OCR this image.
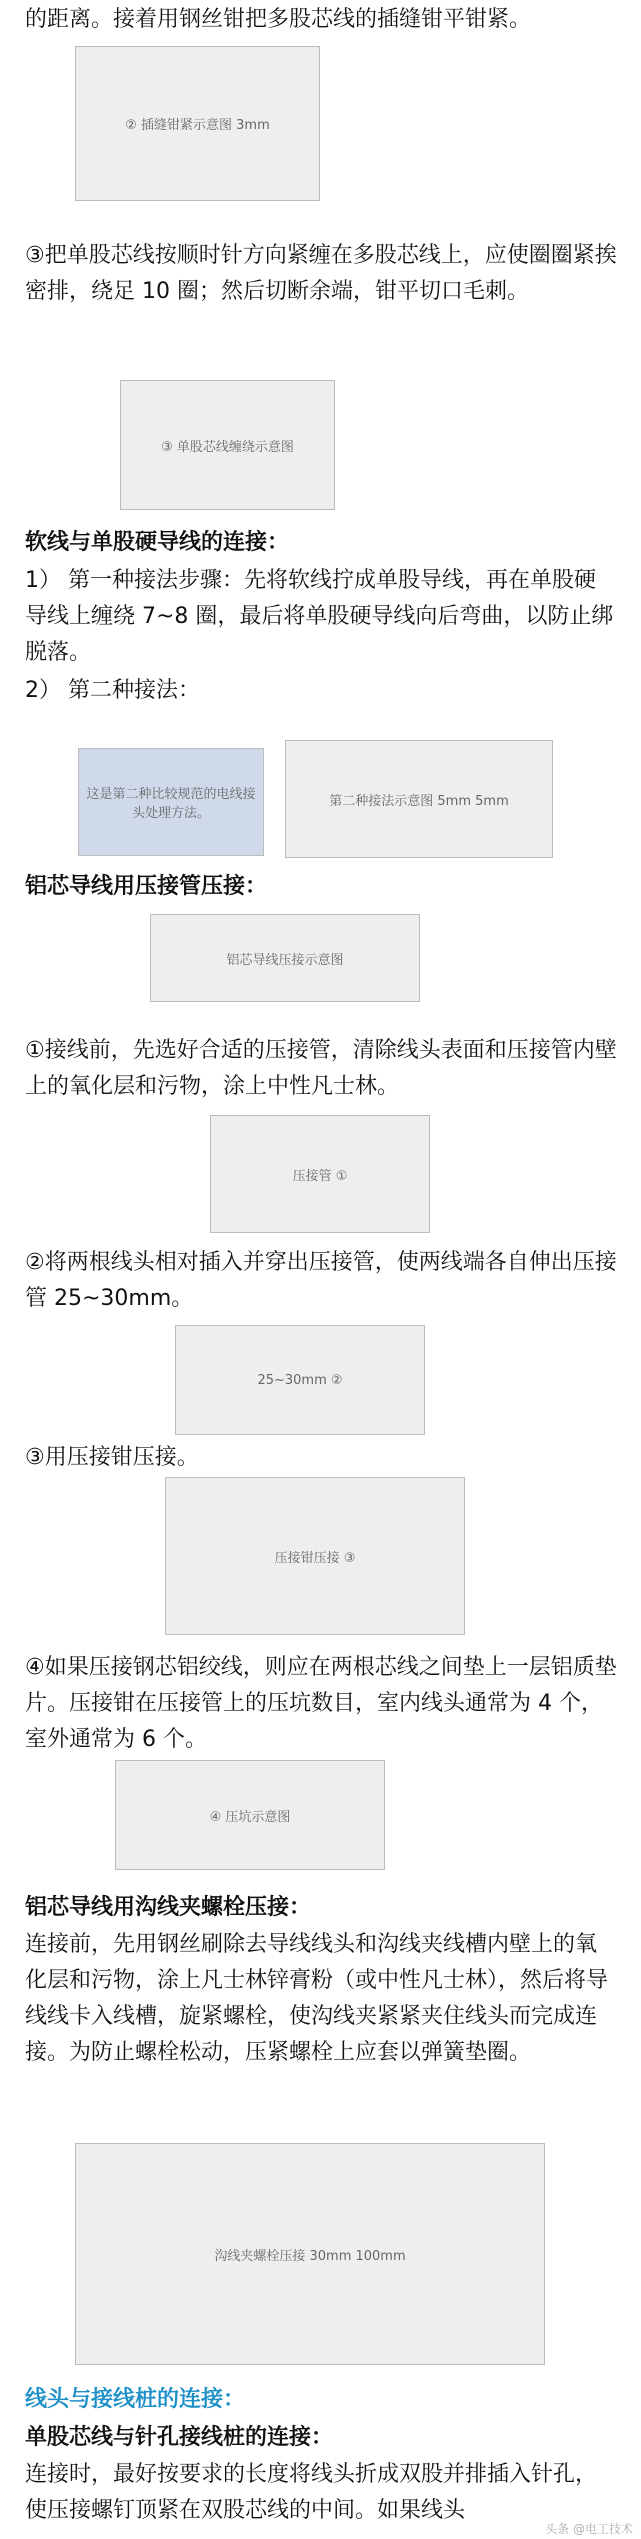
的距离。接着用钢丝钳把多股芯线的插缝钳平钳紧。

② 插缝钳紧示意图 3mm

③把单股芯线按顺时针方向紧缠在多股芯线上，应使圈圈紧挨密排，绕足 10 圈；然后切断余端，钳平切口毛刺。

③ 单股芯线缠绕示意图
软线与单股硬导线的连接：

1） 第一种接法步骤：先将软线拧成单股导线，再在单股硬导线上缠绕 7~8 圈，最后将单股硬导线向后弯曲，以防止绑脱落。

2） 第二种接法：

这是第二种比较规范的电线接头处理方法。
第二种接法示意图 5mm 5mm
铝芯导线用压接管压接：
铝芯导线压接示意图

①接线前，先选好合适的压接管，清除线头表面和压接管内壁上的氧化层和污物，涂上中性凡士林。

压接管 ①

②将两根线头相对插入并穿出压接管，使两线端各自伸出压接管 25~30mm。

25~30mm ②

③用压接钳压接。

压接钳压接 ③

④如果压接钢芯铝绞线，则应在两根芯线之间垫上一层铝质垫片。压接钳在压接管上的压坑数目，室内线头通常为 4 个，室外通常为 6 个。

④ 压坑示意图
铝芯导线用沟线夹螺栓压接：

连接前，先用钢丝刷除去导线线头和沟线夹线槽内壁上的氧化层和污物，涂上凡士林锌膏粉（或中性凡士林），然后将导线线卡入线槽，旋紧螺栓，使沟线夹紧紧夹住线头而完成连接。为防止螺栓松动，压紧螺栓上应套以弹簧垫圈。

沟线夹螺栓压接 30mm 100mm
线头与接线桩的连接：
单股芯线与针孔接线桩的连接：

连接时，最好按要求的长度将线头折成双股并排插入针孔，使压接螺钉顶紧在双股芯线的中间。如果线头

头条 @电工技术
